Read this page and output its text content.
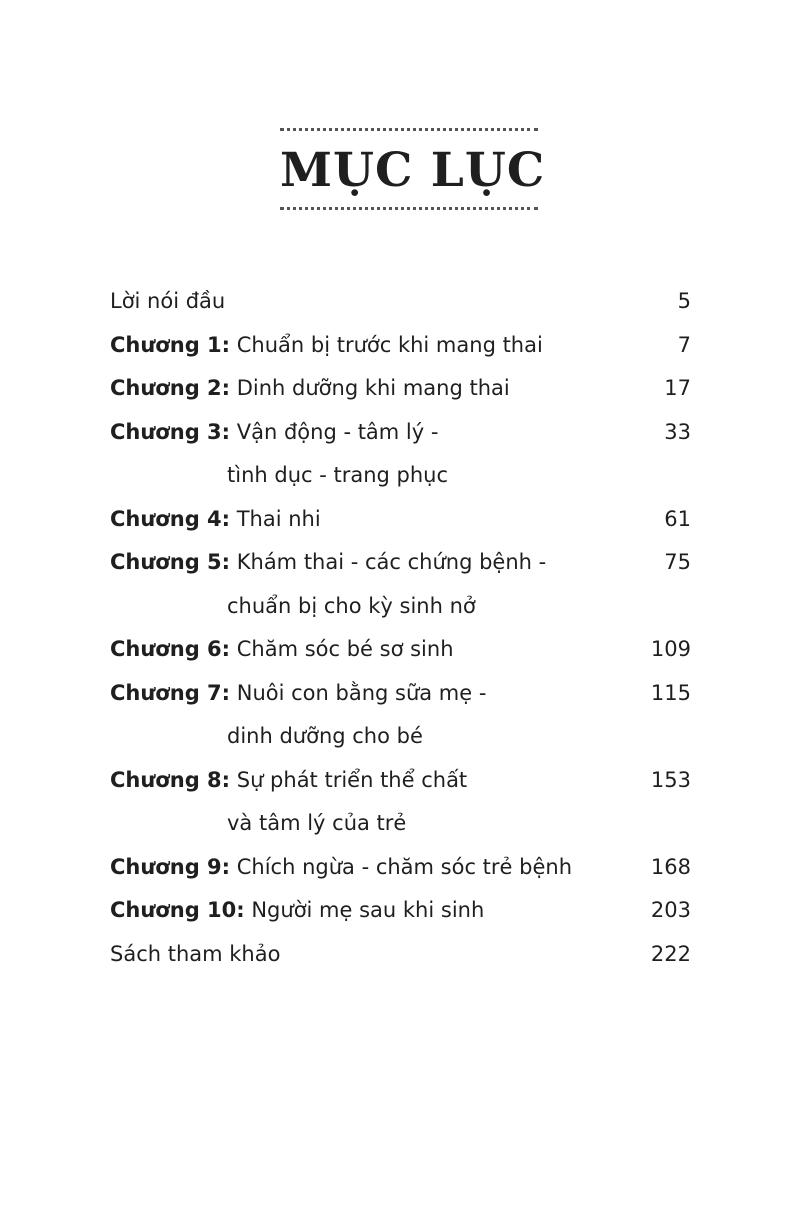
MỤC LỤC
Lời nói đầu	5
Chương 1: Chuẩn bị trước khi mang thai	7
Chương 2: Dinh dưỡng khi mang thai	17
Chương 3: Vận động - tâm lý -	33
tình dục - trang phục
Chương 4: Thai nhi	61
Chương 5: Khám thai - các chứng bệnh -	75
chuẩn bị cho kỳ sinh nở
Chương 6: Chăm sóc bé sơ sinh	109
Chương 7: Nuôi con bằng sữa mẹ -	115
dinh dưỡng cho bé
Chương 8: Sự phát triển thể chất	153
và tâm lý của trẻ
Chương 9: Chích ngừa - chăm sóc trẻ bệnh	168
Chương 10: Người mẹ sau khi sinh	203
Sách tham khảo	222
